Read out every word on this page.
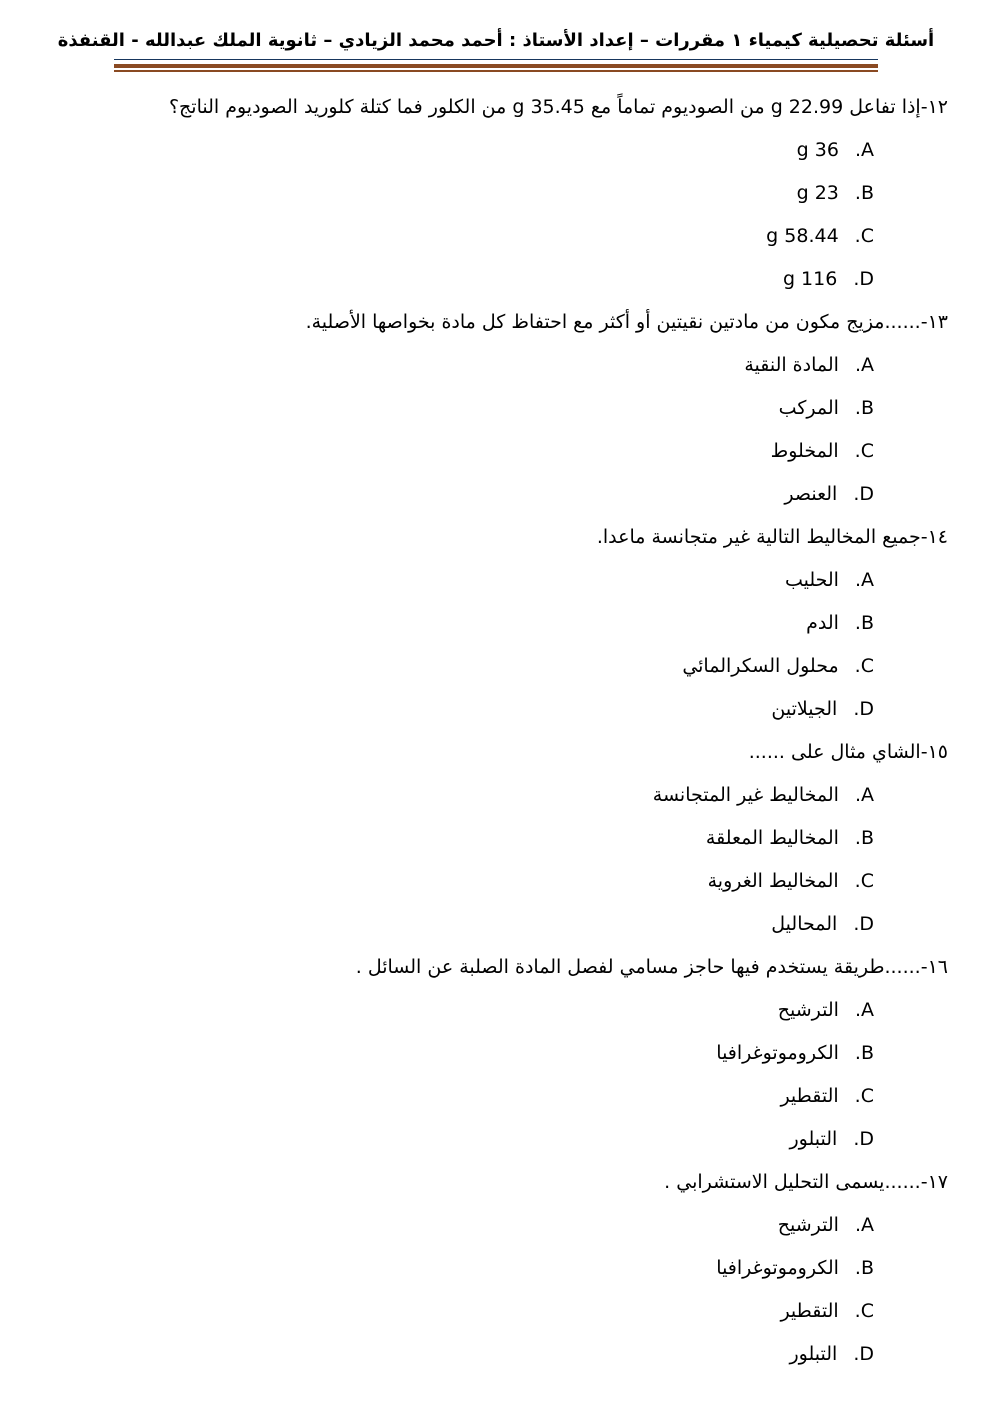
أسئلة تحصيلية كيمياء ١ مقررات – إعداد الأستاذ : أحمد محمد الزيادي – ثانوية الملك عبدالله - القنفذة
١٢-إذا تفاعل 22.99 g من الصوديوم تماماً مع 35.45 g من الكلور فما كتلة كلوريد الصوديوم الناتج؟
. A
36 g
. B
23 g
. C
58.44 g
. D
116 g
١٣-......مزيج مكون من مادتين نقيتين أو أكثر مع احتفاظ كل مادة بخواصها الأصلية.
. A
المادة النقية
. B
المركب
. C
المخلوط
. D
العنصر
١٤-جميع المخاليط التالية غير متجانسة ماعدا.
. A
الحليب
. B
الدم
. C
محلول السكرالمائي
. D
الجيلاتين
١٥-الشاي مثال على ......
. A
المخاليط غير المتجانسة
. B
المخاليط المعلقة
. C
المخاليط الغروية
. D
المحاليل
١٦-......طريقة يستخدم فيها حاجز مسامي لفصل المادة الصلبة عن السائل .
. A
الترشيح
. B
الكروموتوغرافيا
. C
التقطير
. D
التبلور
١٧-......يسمى التحليل الاستشرابي .
. A
الترشيح
. B
الكروموتوغرافيا
. C
التقطير
. D
التبلور
